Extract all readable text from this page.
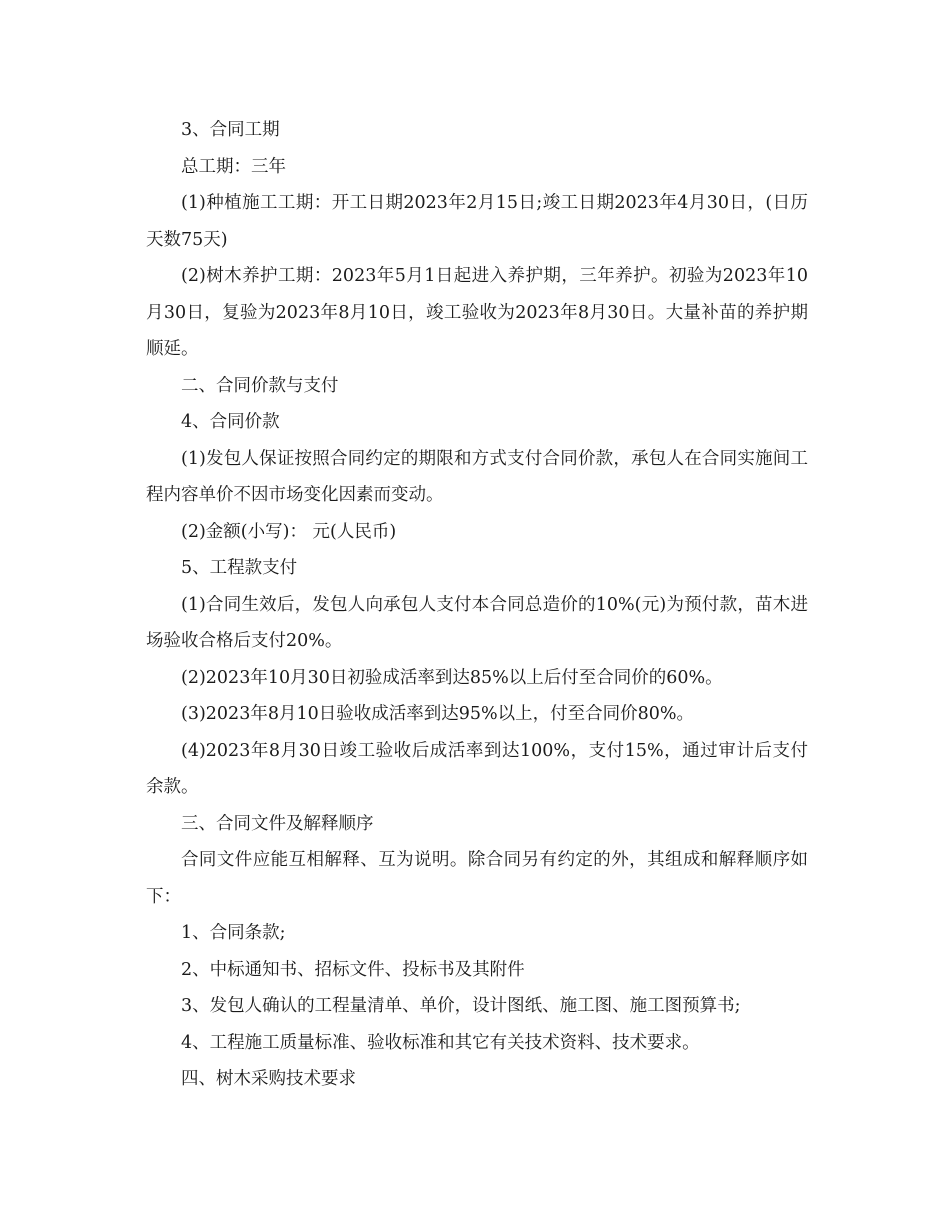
3、合同工期

总工期：三年

(1)种植施工工期：开工日期2023年2月15日;竣工日期2023年4月30日，(日历天数75天)

(2)树木养护工期：2023年5月1日起进入养护期，三年养护。初验为2023年10月30日，复验为2023年8月10日，竣工验收为2023年8月30日。大量补苗的养护期顺延。

二、合同价款与支付

4、合同价款

(1)发包人保证按照合同约定的期限和方式支付合同价款，承包人在合同实施间工程内容单价不因市场变化因素而变动。

(2)金额(小写)： 元(人民币)

5、工程款支付

(1)合同生效后，发包人向承包人支付本合同总造价的10%(元)为预付款，苗木进场验收合格后支付20%。

(2)2023年10月30日初验成活率到达85%以上后付至合同价的60%。

(3)2023年8月10日验收成活率到达95%以上，付至合同价80%。

(4)2023年8月30日竣工验收后成活率到达100%，支付15%，通过审计后支付余款。

三、合同文件及解释顺序

合同文件应能互相解释、互为说明。除合同另有约定的外，其组成和解释顺序如下：

1、合同条款;

2、中标通知书、招标文件、投标书及其附件

3、发包人确认的工程量清单、单价，设计图纸、施工图、施工图预算书;

4、工程施工质量标准、验收标准和其它有关技术资料、技术要求。

四、树木采购技术要求
